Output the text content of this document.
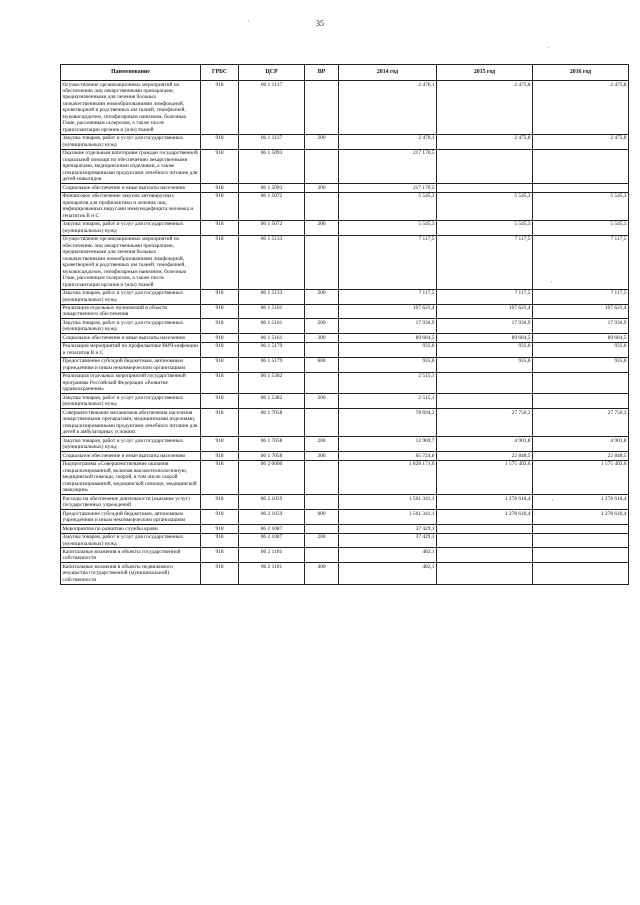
35
'
'
'
'
Наименование	ГРБС	ЦСР	ВР	2014 год	2015 год	2016 год
Осуществление организационных мероприятий по обеспечению лиц лекарственными препаратами, предназначенными для лечения больных злокачественными новообразованиями лимфоидной, кроветворной и родственных им тканей, гемофилией, муковисцидозом, гипофизарным нанизмом, болезнью Гоше, рассеянным склерозом, а также после трансплантации органов и (или) тканей	918	06 1 1137		2 476,1	2 475,8	2 475,8
Закупка товаров, работ и услуг для государственных (муниципальных) нужд	918	06 1 1137	200	2 476,1	2 475,8	2 475,8
Оказание отдельным категориям граждан государственной социальной помощи по обеспечению лекарственными препаратами, медицинскими изделиями, а также специализированными продуктами лечебного питания для детей-инвалидов	918	06 1 5093		217 170,5		
Социальное обеспечение и иные выплаты населению	918	06 1 5093	300	217 170,5		
Финансовое обеспечение закупок антивирусных препаратов для профилактики и лечения лиц, инфицированных вирусами иммунодефицита человека и гепатитов В и С	918	06 1 5072		5 545,3	5 545,3	5 545,3
Закупка товаров, работ и услуг для государственных (муниципальных) нужд	918	06 1 5072	200	5 545,3	5 545,3	5 545,3
Осуществление организационных мероприятий по обеспечению лиц лекарственными препаратами, предназначенными для лечения больных злокачественными новообразованиями лимфоидной, кроветворной и родственных им тканей, гемофилией, муковисцидозом, гипофизарным нанизмом, болезнью Гоше, рассеянным склерозом, а также после трансплантации органов и (или) тканей	918	06 1 5133		7 117,5	7 117,5	7 117,5
Закупка товаров, работ и услуг для государственных (муниципальных) нужд	918	06 1 5133	200	7 117,5	7 117,5	7 117,5
Реализация отдельных полномочий в области лекарственного обеспечения	918	06 1 5161		107 621,4	107 621,4	107 621,4
Закупка товаров, работ и услуг для государственных (муниципальных) нужд	918	06 1 5161	200	17 936,9	17 936,9	17 936,9
Социальное обеспечение и иные выплаты населению	918	06 1 5161	300	89 684,5	89 684,5	89 684,5
Реализация мероприятий по профилактике ВИЧ-инфекции и гепатитов В и С	918	06 1 5179		935,6	935,6	935,6
Предоставление субсидий бюджетным, автономным учреждениям и иным некоммерческим организациям	918	06 1 5179	600	935,6	935,6	935,6
Реализация отдельных мероприятий государственной программы Российской Федерации «Развитие здравоохранения»	918	06 1 5382		2 515,1		
Закупка товаров, работ и услуг для государственных (муниципальных) нужд	918	06 1 5382	200	2 515,1		
Совершенствование механизмов обеспечения населения лекарственными препаратами, медицинскими изделиями, специализированными продуктами лечебного питания для детей в амбулаторных условиях	918	06 1 7058		78 694,3	27 750,3	27 750,3
Закупка товаров, работ и услуг для государственных (муниципальных) нужд	918	06 1 7058	200	12 969,7	4 901,8	4 901,8
Социальное обеспечение и иные выплаты населению	918	06 1 7058	300	65 724,6	22 848,5	22 848,5
Подпрограмма «Совершенствование оказания специализированной, включая высокотехнологичную, медицинской помощи, скорой, в том числе скорой специализированной, медицинской помощи, медицинской эвакуации»	918	06 2 0000		1 828 171,6	1 575 492,6	1 575 492,6
Расходы на обеспечение деятельности (оказание услуг) государственных учреждений	918	06 2 1059		1 561 341,1	1 278 618,4	1 278 618,4
Предоставление субсидий бюджетным, автономным учреждениям и иным некоммерческим организациям	918	06 2 1059	600	1 561 341,1	1 278 618,4	1 278 618,4
Мероприятия по развитию службы крови	918	06 2 1087		37 429,1		
Закупка товаров, работ и услуг для государственных (муниципальных) нужд	918	06 2 1087	200	37 429,1		
Капитальные вложения в объекты государственной собственности	918	06 2 1101		482,1		
Капитальные вложения в объекты недвижимого имущества государственной (муниципальной) собственности	918	06 2 1101	400	482,1		
